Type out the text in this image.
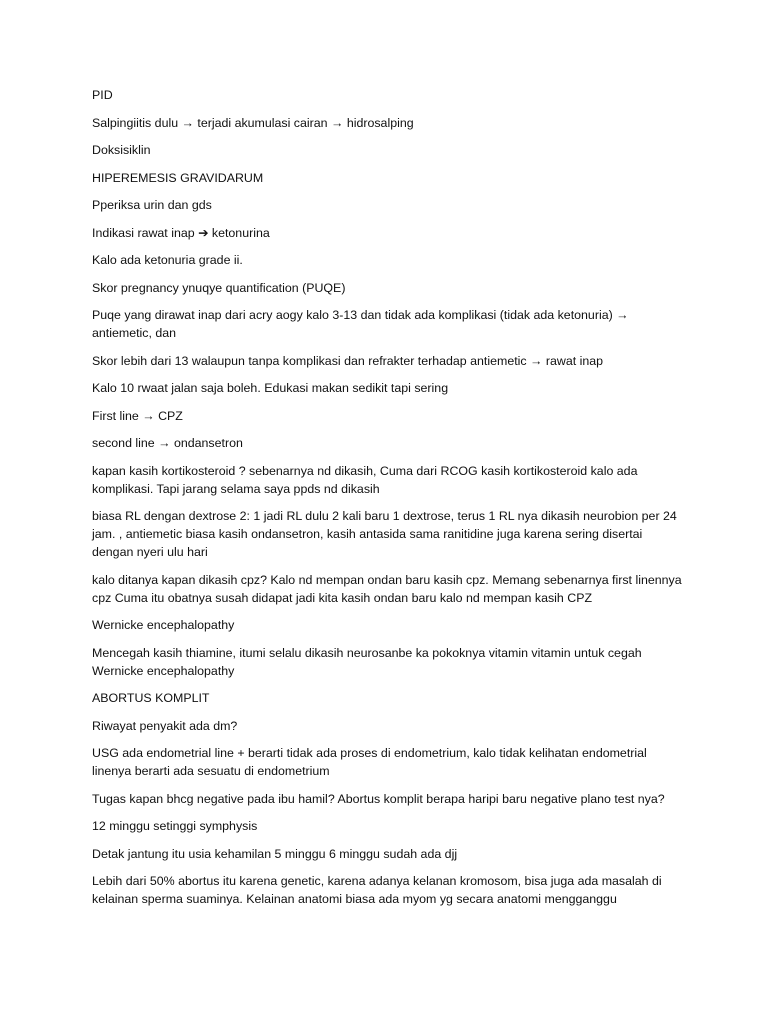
PID

Salpingiitis dulu → terjadi akumulasi cairan → hidrosalping

Doksisiklin

HIPEREMESIS GRAVIDARUM

Pperiksa urin dan gds

Indikasi rawat inap ➔ ketonurina

Kalo ada ketonuria grade ii.

Skor pregnancy ynuqye quantification (PUQE)

Puqe yang dirawat inap dari acry aogy kalo 3-13 dan tidak ada komplikasi (tidak ada ketonuria) → antiemetic, dan

Skor lebih dari 13 walaupun tanpa komplikasi dan refrakter terhadap antiemetic → rawat inap

Kalo 10 rwaat jalan saja boleh. Edukasi makan sedikit tapi sering

First line → CPZ

second line → ondansetron

kapan kasih kortikosteroid ? sebenarnya nd dikasih, Cuma dari RCOG kasih kortikosteroid kalo ada komplikasi. Tapi jarang selama saya ppds nd dikasih

biasa RL dengan dextrose 2: 1 jadi RL dulu 2 kali baru 1 dextrose, terus 1 RL nya dikasih neurobion per 24 jam. , antiemetic biasa kasih ondansetron, kasih antasida sama ranitidine juga karena sering disertai dengan nyeri ulu hari

kalo ditanya kapan dikasih cpz? Kalo nd mempan ondan baru kasih cpz. Memang sebenarnya first linennya cpz Cuma itu obatnya susah didapat jadi kita kasih ondan baru kalo nd mempan kasih CPZ

Wernicke encephalopathy

Mencegah kasih thiamine, itumi selalu dikasih neurosanbe ka pokoknya vitamin vitamin untuk cegah Wernicke encephalopathy

ABORTUS KOMPLIT

Riwayat penyakit ada dm?

USG ada endometrial line + berarti tidak ada proses di endometrium, kalo tidak kelihatan endometrial linenya berarti ada sesuatu di endometrium

Tugas kapan bhcg negative pada ibu hamil? Abortus komplit berapa haripi baru negative plano test nya?

12 minggu setinggi symphysis

Detak jantung itu usia kehamilan 5 minggu 6 minggu sudah ada djj

Lebih dari 50% abortus itu karena genetic, karena adanya kelanan kromosom, bisa juga ada masalah di kelainan sperma suaminya. Kelainan anatomi biasa ada myom yg secara anatomi mengganggu
